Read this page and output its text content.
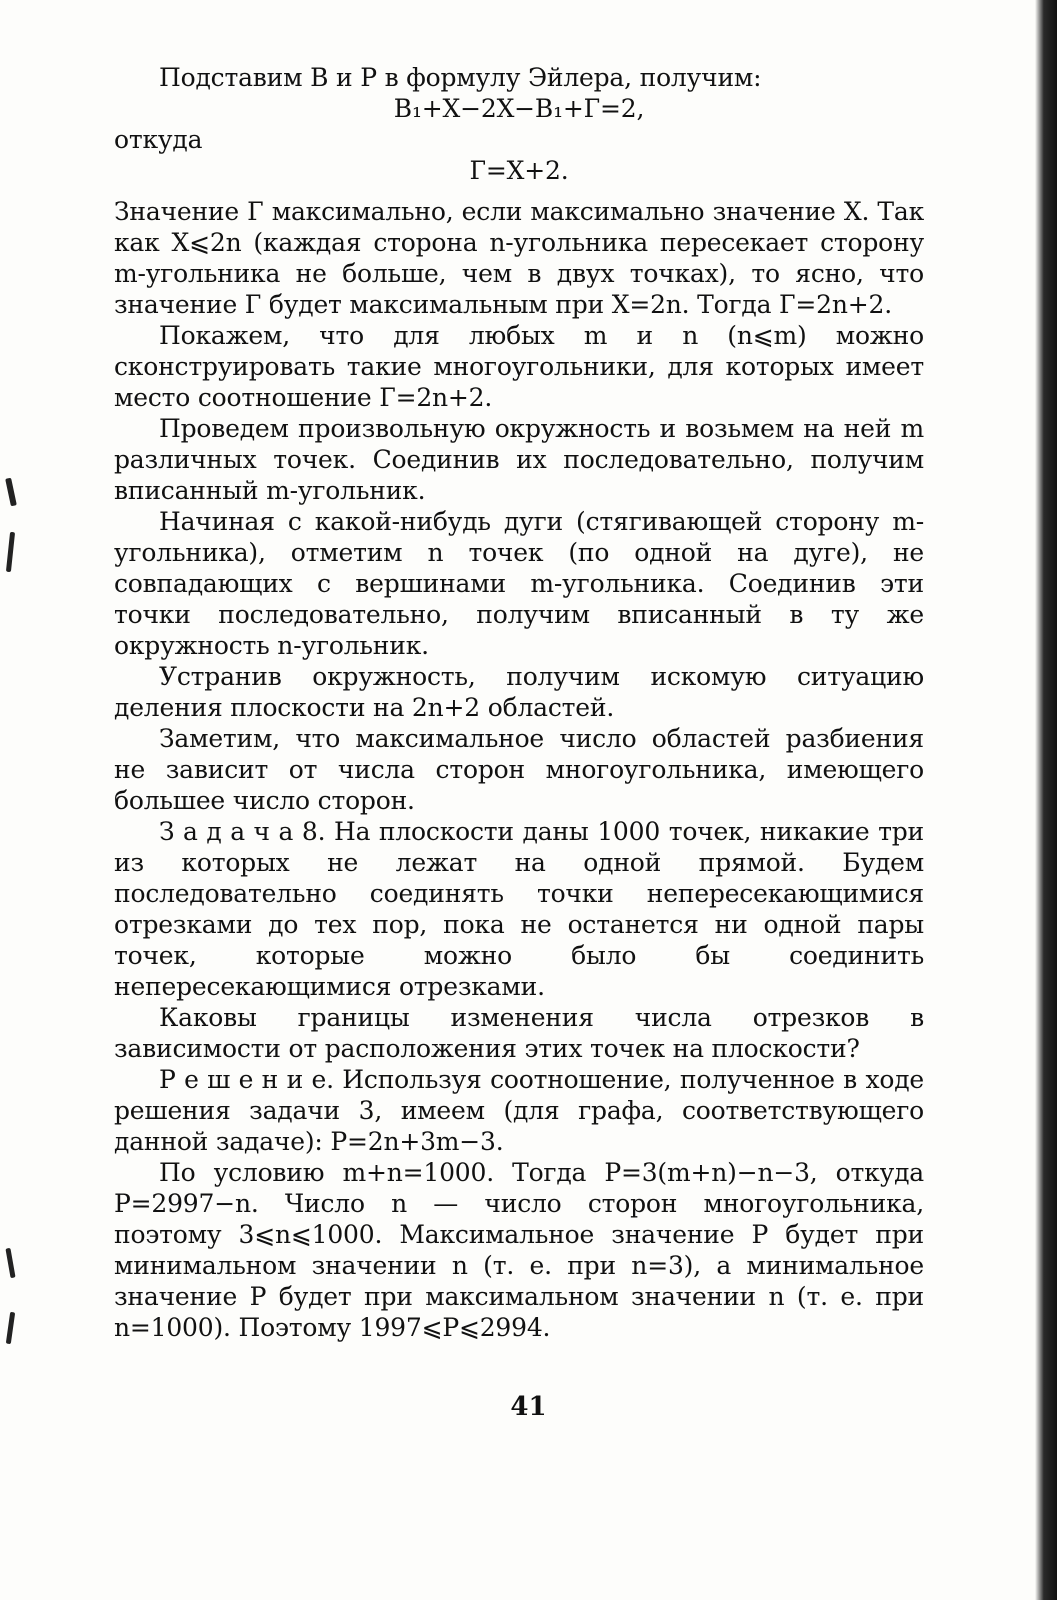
Подставим В и Р в формулу Эйлера, получим:

В₁+Х−2Х−В₁+Г=2,

откуда

Г=Х+2.

Значение Г максимально, если максимально значение Х. Так как Х⩽2n (каждая сторона n-угольника пересекает сторону m-угольника не больше, чем в двух точках), то ясно, что значение Г будет максимальным при Х=2n. Тогда Г=2n+2.

Покажем, что для любых m и n (n⩽m) можно сконструировать такие многоугольники, для которых имеет место соотношение Г=2n+2.

Проведем произвольную окружность и возьмем на ней m различных точек. Соединив их последовательно, получим вписанный m-угольник.

Начиная с какой-нибудь дуги (стягивающей сторону m-угольника), отметим n точек (по одной на дуге), не совпадающих с вершинами m-угольника. Соединив эти точки последовательно, получим вписанный в ту же окружность n-угольник.

Устранив окружность, получим искомую ситуацию деления плоскости на 2n+2 областей.

Заметим, что максимальное число областей разбиения не зависит от числа сторон многоугольника, имеющего большее число сторон.

З а д а ч а 8. На плоскости даны 1000 точек, никакие три из которых не лежат на одной прямой. Будем последовательно соединять точки непересекающимися отрезками до тех пор, пока не останется ни одной пары точек, которые можно было бы соединить непересекающимися отрезками.

Каковы границы изменения числа отрезков в зависимости от расположения этих точек на плоскости?

Р е ш е н и е. Используя соотношение, полученное в ходе решения задачи 3, имеем (для графа, соответствующего данной задаче): Р=2n+3m−3.

По условию m+n=1000. Тогда Р=3(m+n)−n−3, откуда Р=2997−n. Число n — число сторон многоугольника, поэтому 3⩽n⩽1000. Максимальное значение Р будет при минимальном значении n (т. е. при n=3), а минимальное значение Р будет при максимальном значении n (т. е. при n=1000). Поэтому 1997⩽Р⩽2994.

41
